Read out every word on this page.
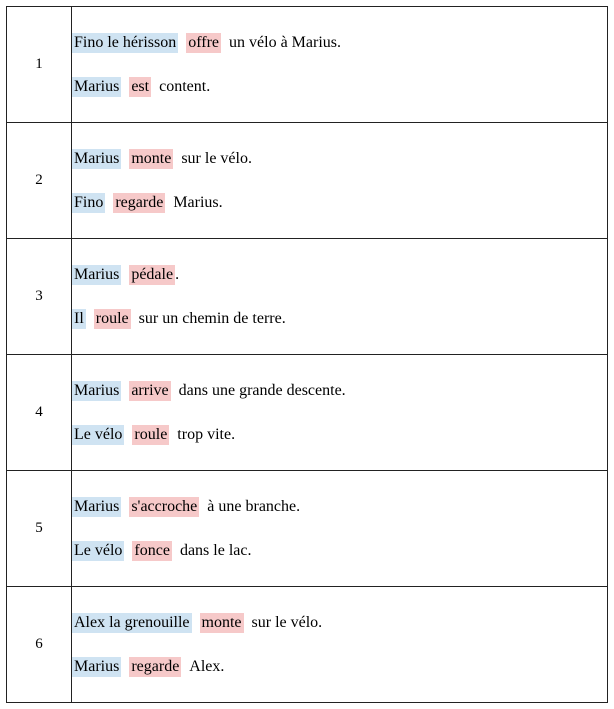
1	Fino le hérisson offre un vélo à Marius.

Marius est content.

2	Marius monte sur le vélo.

Fino regarde Marius.

3	Marius pédale .

Il roule sur un chemin de terre.

4	Marius arrive dans une grande descente.

Le vélo roule trop vite.

5	Marius s'accroche à une branche.

Le vélo fonce dans le lac.

6	Alex la grenouille monte sur le vélo.

Marius regarde Alex.
